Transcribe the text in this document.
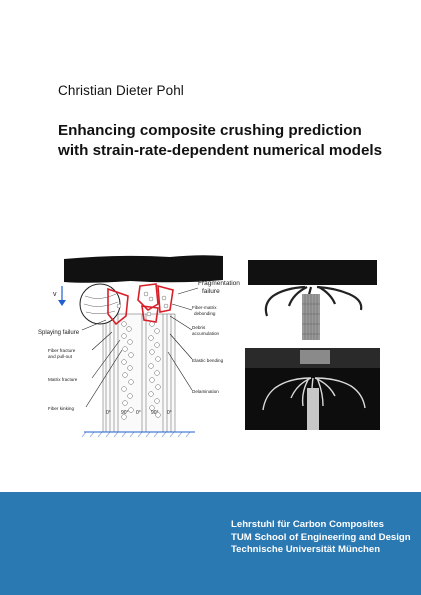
Christian Dieter Pohl
Enhancing composite crushing prediction
with strain-rate-dependent numerical models
v
Fragmentation
failure
Fiber-matrix
debonding
Debris
accumulation
Elastic bending
Delamination
Splaying failure
Fiber fracture
and pull-out
Matrix fracture
Fiber kinking
0° 90° 0° 90° 0°
Lehrstuhl für Carbon Composites
TUM School of Engineering and Design
Technische Universität München
